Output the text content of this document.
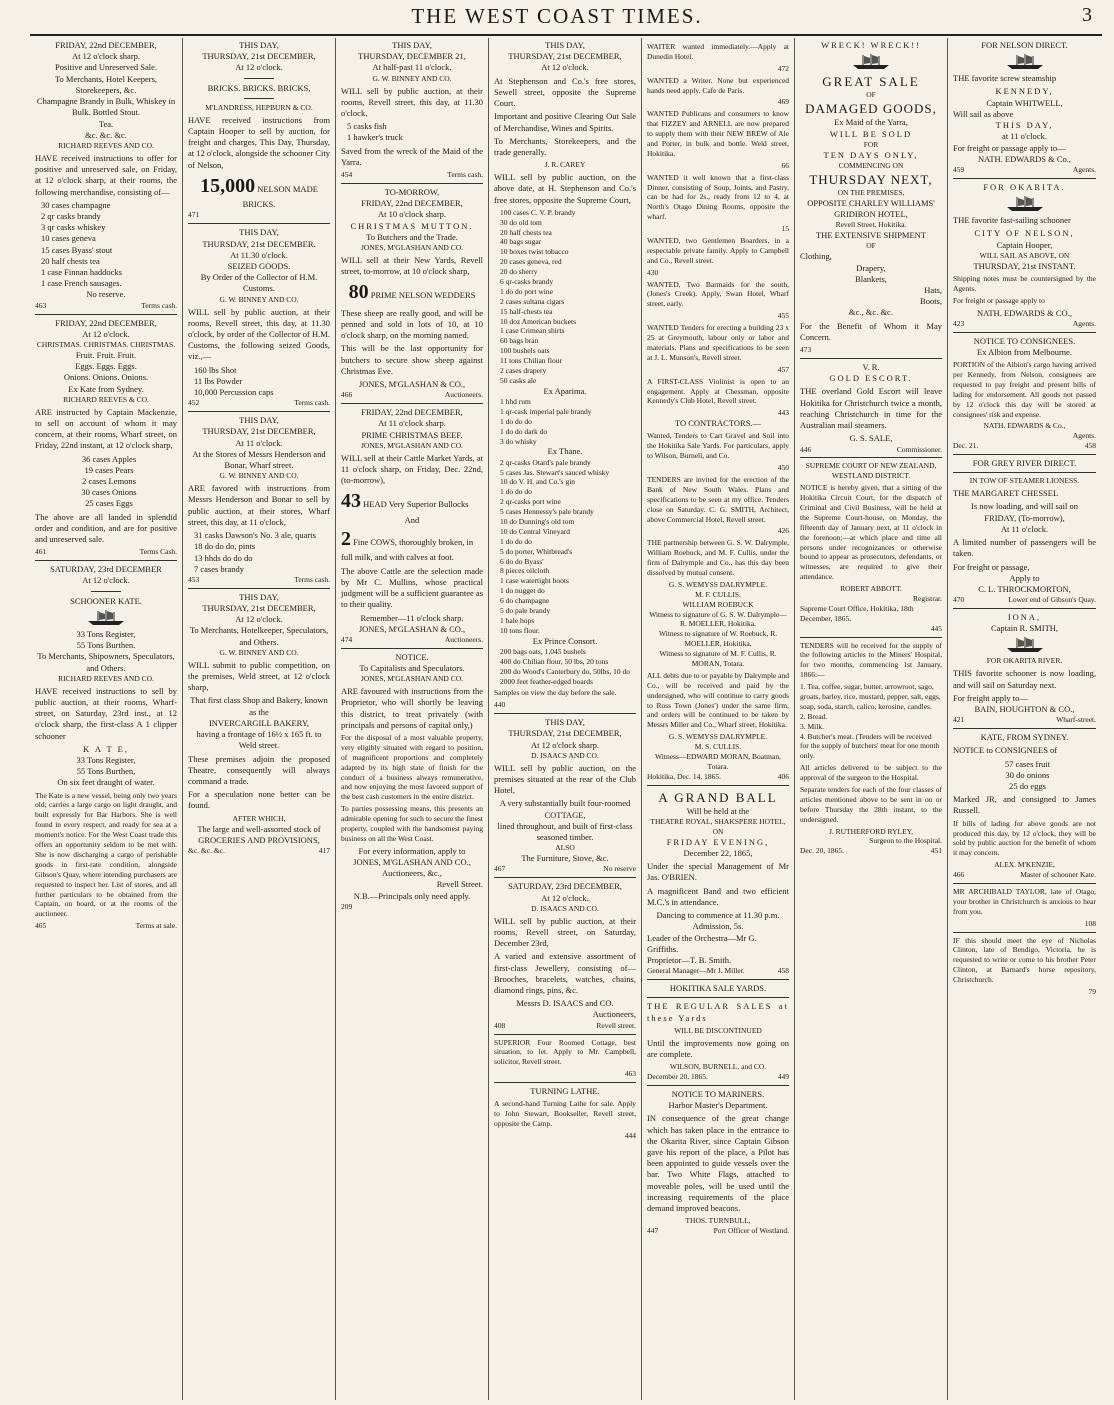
THE WEST COAST TIMES.	3
FRIDAY, 22nd DECEMBER,
At 12 o'clock sharp.
Positive and Unreserved Sale.
To Merchants, Hotel Keepers, Storekeepers, &c.
Champagne Brandy in Bulk, Whiskey in Bulk. Bottled Stout.
Tea.
&c. &c. &c.
RICHARD REEVES AND CO.
HAVE received instructions to offer for positive and unreserved sale, on Friday, at 12 o'clock sharp, at their rooms, the following merchandise, consisting of—
30 cases champagne
2 qr casks brandy
3 qr casks whiskey
10 cases geneva
15 cases Byass' stout
20 half chests tea
1 case Finnan haddocks
1 case French sausages.
No reserve.
463	Terms cash.
FRIDAY, 22nd DECEMBER,
At 12 o'clock.
CHRISTMAS. CHRISTMAS. CHRISTMAS.
Fruit. Fruit. Fruit.
Eggs. Eggs. Eggs.
Onions. Onions. Onions.
Ex Kate from Sydney.
RICHARD REEVES & CO.
ARE instructed by Captain Mackenzie, to sell on account of whom it may concern, at their rooms, Wharf street, on Friday, 22nd instant, at 12 o'clock sharp,
36 cases Apples
19 cases Pears
2 cases Lemons
30 cases Onions
25 cases Eggs
The above are all landed in splendid order and condition, and are for positive and unreserved sale.
461	Terms Cash.
SATURDAY, 23rd DECEMBER
At 12 o'clock.
SCHOONER KATE.
33 Tons Register,
55 Tons Burthen.
To Merchants, Shipowners, Speculators, and Others.
RICHARD REEVES AND CO.
HAVE received instructions to sell by public auction, at their rooms, Wharf-street, on Saturday, 23rd inst., at 12 o'clock sharp, the first-class A 1 clipper schooner
K A T E,
33 Tons Register,
55 Tons Burthen,
On six feet draught of water.
The Kate is a new vessel, being only two years old; carries a large cargo on light draught, and built expressly for Bar Harbors. She is well found in every respect, and ready for sea at a moment's notice. For the West Coast trade this offers an opportunity seldom to be met with. She is now discharging a cargo of perishable goods in first-rate condition, alongside Gibson's Quay, where intending purchasers are requested to inspect her. List of stores, and all further particulars to be obtained from the Captain, on board, or at the rooms of the auctioneer.
465	Terms at sale.
THIS DAY,
THURSDAY, 21st DECEMBER,
At 12 o'clock.
BRICKS. BRICKS. BRICKS,
M'LANDRESS, HEPBURN & CO.
HAVE received instructions from Captain Hooper to sell by auction, for freight and charges, This Day, Thursday, at 12 o'clock, alongside the schooner City of Nelson,
15,000 NELSON MADE
BRICKS.
471
THIS DAY,
THURSDAY, 21st DECEMBER.
At 11.30 o'clock.
SEIZED GOODS.
By Order of the Collector of H.M. Customs.
G. W. BINNEY AND CO.
WILL sell by public auction, at their rooms, Revell street, this day, at 11.30 o'clock, by order of the Collector of H.M. Customs, the following seized Goods, viz.,—
160 lbs Shot
11 lbs Powder
10,000 Percussion caps
452	Terms cash.
THIS DAY,
THURSDAY, 21st DECEMBER,
At 11 o'clock.
At the Stores of Messrs Henderson and Bonar, Wharf street.
G. W. BINNEY AND CO.
ARE favored with instructions from Messrs Henderson and Bonar to sell by public auction, at their stores, Wharf street, this day, at 11 o'clock,
31 casks Dawson's No. 3 ale, quarts
18 do do do, pints
13 hhds do do do
7 cases brandy
453	Terms cash.
THIS DAY,
THURSDAY, 21st DECEMBER,
At 12 o'clock.
To Merchants, Hotelkeeper, Speculators, and Others.
G. W. BINNEY AND CO.
WILL submit to public competition, on the premises, Weld street, at 12 o'clock sharp,
That first class Shop and Bakery, known as the
INVERCARGILL BAKERY,
having a frontage of 16½ x 165 ft. to Weld street.
These premises adjoin the proposed Theatre, consequently will always command a trade.
For a speculation none better can be found.
AFTER WHICH,
The large and well-assorted stock of
GROCERIES AND PROVISIONS,
&c. &c. &c.	417
THIS DAY,
THURSDAY, DECEMBER 21,
At half-past 11 o'clock.
G. W. BINNEY AND CO.
WILL sell by public auction, at their rooms, Revell street, this day, at 11.30 o'clock,
5 casks fish
1 hawker's truck
Saved from the wreck of the Maid of the Yarra.
454	Terms cash.
TO-MORROW,
FRIDAY, 22nd DECEMBER,
At 10 o'clock sharp.
CHRISTMAS MUTTON.
To Butchers and the Trade.
JONES, M'GLASHAN AND CO.
WILL sell at their New Yards, Revell street, to-morrow, at 10 o'clock sharp,
80 PRIME NELSON WEDDERS
These sheep are really good, and will be penned and sold in lots of 10, at 10 o'clock sharp, on the morning named.
This will be the last opportunity for butchers to secure show sheep against Christmas Eve.
JONES, M'GLASHAN & CO.,
466	Auctioneers.
FRIDAY, 22nd DECEMBER,
At 11 o'clock sharp.
PRIME CHRISTMAS BEEF.
JONES, M'GLASHAN AND CO.
WILL sell at their Cattle Market Yards, at 11 o'clock sharp, on Friday, Dec. 22nd, (to-morrow),
43 HEAD Very Superior Bullocks
And
2 Fine COWS, thoroughly broken, in full milk, and with calves at foot.
The above Cattle are the selection made by Mr C. Mullins, whose practical judgment will be a sufficient guarantee as to their quality.
Remember—11 o'clock sharp.
JONES, M'GLASHAN & CO.,
474	Auctioneers.
NOTICE.
To Capitalists and Speculators.
JONES, M'GLASHAN AND CO.
ARE favoured with instructions from the Proprietor, who will shortly be leaving this district, to treat privately (with principals and persons of capital only,)
For the disposal of a most valuable property, very eligibly situated with regard to position, of magnificent proportions and completely adapted by its high state of finish for the conduct of a business always remunerative, and now enjoying the most favored support of the best cash customers in the entire district.
To parties possessing means, this presents an admirable opening for such to secure the finest property, coupled with the handsomest paying business on all the West Coast.
For every information, apply to
JONES, M'GLASHAN AND CO.,
Auctioneers, &c.,
Revell Street.
N.B.—Principals only need apply.
209
THIS DAY,
THURSDAY, 21st DECEMBER,
At 12 o'clock.
At Stephenson and Co.'s free stores, Sewell street, opposite the Supreme Court.
Important and positive Clearing Out Sale of Merchandise, Wines and Spirits.
To Merchants, Storekeepers, and the trade generally.
J. R. CAREY
WILL sell by public auction, on the above date, at H. Stephenson and Co.'s free stores, opposite the Supreme Court,
100 cases C. V. P. brandy
30 do old tom
20 half chests tea
40 bags sugar
10 boxes twist tobacco
20 cases geneva, red
20 do sherry
6 qr-casks brandy
1 do do port wine
2 cases sultana cigars
15 half-chests tea
10 doz American buckets
1 case Crimean shirts
60 bags bran
100 bushels oats
11 tons Chilian flour
2 cases drapery
50 casks ale
Ex Aparima.
1 hhd rum
1 qr-cask imperial pale brandy
1 do do do
1 do do dark do
3 do whisky
Ex Thane.
2 qr-casks Otard's pale brandy
5 cases Jas. Stewart's sauced whisky
10 do V. H. and Co.'s gin
1 do do do
2 qr-casks port wine
5 cases Hennessy's pale brandy
10 do Dunning's old tom
10 do Central Vineyard
1 do do do
5 do porter, Whitbread's
6 do do Byass'
8 pieces oilcloth
1 case watertight boots
1 do nugget do
6 do champagne
5 do pale brandy
1 bale hops
10 tons flour.
Ex Prince Consort.
200 bags oats, 1,045 bushels
400 do Chilian flour, 50 lbs, 20 tons
200 do Wood's Canterbury do, 50lbs, 10 do
2000 feet feather-edged boards
Samples on view the day before the sale.
440
THIS DAY,
THURSDAY, 21st DECEMBER,
At 12 o'clock sharp.
D. ISAACS AND CO.
WILL sell by public auction, on the premises situated at the rear of the Club Hotel,
A very substantially built four-roomed
COTTAGE,
lined throughout, and built of first-class seasoned timber.
ALSO
The Furniture, Stove, &c.
467	No reserve
SATURDAY, 23rd DECEMBER,
At 12 o'clock.
D. ISAACS AND CO.
WILL sell by public auction, at their rooms, Revell street, on Saturday, December 23rd,
A varied and extensive assortment of first-class Jewellery, consisting of—Brooches, bracelets, watches, chains, diamond rings, pins, &c.
Messrs D. ISAACS and CO.
Auctioneers,
408	Revell street.
SUPERIOR Four Roomed Cottage, best situation, to let. Apply to Mr. Campbell, solicitor, Revell street.
463
TURNING LATHE.
A second-hand Turning Lathe for sale. Apply to John Stewart, Bookseller, Revell street, opposite the Camp.
444
WAITER wanted immediately.—Apply at Dunedin Hotel.
472
WANTED a Writer. None but experienced hands need apply. Cafe de Paris.
469
WANTED Publicans and consumers to know that FIZZEY and ARNELL are now prepared to supply them with their NEW BREW of Ale and Porter, in bulk and bottle. Weld street, Hokitika.
66
WANTED it well known that a first-class Dinner, consisting of Soup, Joints, and Pastry, can be had for 2s., ready from 12 to 4, at North's Otago Dining Rooms, opposite the wharf.
15
WANTED, two Gentlemen Boarders, in a respectable private family. Apply to Campbell and Co., Revell street.
430
WANTED, Two Barmaids for the south, (Jones's Creek). Apply, Swan Hotel, Wharf street, early.
455
WANTED Tenders for erecting a building 23 x 25 at Greymouth, labour only or labor and materials. Plans and specifications to be seen at J. L. Munson's, Revell street.
457
A FIRST-CLASS Violinist is open to an engagement. Apply at Chessman, opposite Kennedy's Club Hotel, Revell street.
443
TO CONTRACTORS.—
Wanted, Tenders to Cart Gravel and Soil into the Hokitika Sale Yards. For particulars, apply to Wilson, Burnell, and Co.
450
TENDERS are invited for the erection of the Bank of New South Wales. Plans and specifications to be seen at my office. Tenders close on Saturday. C. G. SMITH, Architect, above Commercial Hotel, Revell street.
426
THE partnership between G. S. W. Dalrymple, William Roebuck, and M. F. Cullis, under the firm of Dalrymple and Co., has this day been dissolved by mutual consent.
G. S. WEMYSS DALRYMPLE.
M. F. CULLIS.
WILLIAM ROEBUCK
Witness to signature of G. S. W. Dalrymple—R. MOELLER, Hokitika.
Witness to signature of W. Roebuck, R. MOELLER, Hokitika,
Witness to signature of M. F. Cullis, R. MORAN, Totara.
ALL debts due to or payable by Dalrymple and Co., will be received and paid by the undersigned, who will continue to carry goods to Ross Town (Jones') under the same firm, and orders will be continued to be taken by Messrs Miller and Co., Wharf street, Hokitika.
G. S. WEMYSS DALRYMPLE.
M. S. CULLIS.
Witness—EDWARD MORAN, Boatman, Totara.
Hokitika, Dec. 14, 1865.	406
A GRAND BALL
Will be held at the
THEATRE ROYAL, SHAKSPERE HOTEL,
ON
FRIDAY EVENING,
December 22, 1865,
Under the special Management of Mr Jas. O'BRIEN.
A magnificent Band and two efficient M.C.'s in attendance.
Dancing to commence at 11.30 p.m.
Admission, 5s.
Leader of the Orchestra—Mr G. Griffiths.
Proprietor—T. B. Smith.
General Manager—Mr J. Miller.	458
HOKITIKA SALE YARDS.
THE REGULAR SALES at these Yards
WILL BE DISCONTINUED
Until the improvements now going on are complete.
WILSON, BURNELL, and CO.
December 20, 1865.	449
NOTICE TO MARINERS.
Harbor Master's Department.
IN consequence of the great change which has taken place in the entrance to the Okarita River, since Captain Gibson gave his report of the place, a Pilot has been appointed to guide vessels over the bar. Two White Flags, attached to moveable poles, will be used until the increasing requirements of the place demand improved beacons.
THOS. TURNBULL,
447	Port Officer of Westland.
WRECK! WRECK!!
GREAT SALE
OF
DAMAGED GOODS,
Ex Maid of the Yarra,
WILL BE SOLD
FOR
TEN DAYS ONLY,
COMMENCING ON
THURSDAY NEXT,
ON THE PREMISES,
OPPOSITE CHARLEY WILLIAMS'
GRIDIRON HOTEL,
Revell Street, Hokitika.
THE EXTENSIVE SHIPMENT
OF
Clothing,
Drapery,
Blankets,
Hats,
Boots,
&c., &c. &c.
For the Benefit of Whom it May Concern.
473
V. R.
GOLD ESCORT.
THE overland Gold Escort will leave Hokitika for Christchurch twice a month, reaching Christchurch in time for the Australian mail steamers.
G. S. SALE,
446	Commissioner.
SUPREME COURT OF NEW ZEALAND,
WESTLAND DISTRICT.
NOTICE is hereby given, that a sitting of the Hokitika Circuit Court, for the dispatch of Criminal and Civil Business, will be held at the Supreme Court-house, on Monday, the fifteenth day of January next, at 11 o'clock in the forenoon;—at which place and time all persons under recognizances or otherwise bound to appear as prosecutors, defendants, or witnesses, are required to give their attendance.
ROBERT ABBOTT.
Registrar.
Supreme Court Office, Hokitika, 18th December, 1865.
445
TENDERS will be received for the supply of the following articles to the Miners' Hospital, for two months, commencing 1st January, 1866:—
1. Tea, coffee, sugar, butter, arrowroot, sago, groats, barley, rice, mustard, pepper, salt, eggs, soap, soda, starch, calico, kerosine, candles.
2. Bread.
3. Milk.
4. Butcher's meat. (Tenders will be received for the supply of butchers' meat for one month only.
All articles delivered to be subject to the approval of the surgeon to the Hospital.
Separate tenders for each of the four classes of articles mentioned above to be sent in on or before Thursday the 28th instant, to the undersigned.
J. RUTHERFORD RYLEY,
Surgeon to the Hospital.
Dec. 20, 1865.	451
FOR NELSON DIRECT.
THE favorite screw steamship
KENNEDY,
Captain WHITWELL,
Will sail as above
THIS DAY,
at 11 o'clock.
For freight or passage apply to—
NATH. EDWARDS & Co.,
459	Agents.
FOR OKARITA.
THE favorite fast-sailing schooner
CITY OF NELSON,
Captain Hooper,
WILL SAIL AS ABOVE, ON
THURSDAY, 21st INSTANT.
Shipping notes must be countersigned by the Agents.
For freight or passage apply to
NATH. EDWARDS & CO.,
423	Agents.
NOTICE TO CONSIGNEES.
Ex Albion from Melbourne.
PORTION of the Albion's cargo having arrived per Kennedy, from Nelson, consignees are requested to pay freight and present bills of lading for endorsement. All goods not passed by 12 o'clock this day will be stored at consignees' risk and expense.
NATH. EDWARDS & Co.,
Agents.
Dec. 21.	458
FOR GREY RIVER DIRECT.
IN TOW OF STEAMER LIONESS.
THE MARGARET CHESSEL
Is now loading, and will sail on
FRIDAY, (To-morrow),
At 11 o'clock.
A limited number of passengers will be taken.
For freight or passage,
Apply to
C. L. THROCKMORTON,
470	Lower end of Gibson's Quay.
IONA,
Captain R. SMITH,
FOR OKARITA RIVER.
THIS favorite schooner is now loading, and will sail on Saturday next.
For freight apply to—
BAIN, HOUGHTON & CO.,
421	Wharf-street.
KATE, FROM SYDNEY.
NOTICE to CONSIGNEES of
57 cases fruit
30 do onions
25 do eggs
Marked JR, and consigned to James Russell.
If bills of lading for above goods are not produced this day, by 12 o'clock, they will be sold by public auction for the benefit of whom it may concern.
ALEX. M'KENZIE,
466	Master of schooner Kate.
MR ARCHIBALD TAYLOR, late of Otago, your brother in Christchurch is anxious to hear from you.
108
IF this should meet the eye of Nicholas Clinton, late of Bendigo, Victoria, he is requested to write or come to his brother Peter Clinton, at Barnard's horse repository, Christchurch.
79
